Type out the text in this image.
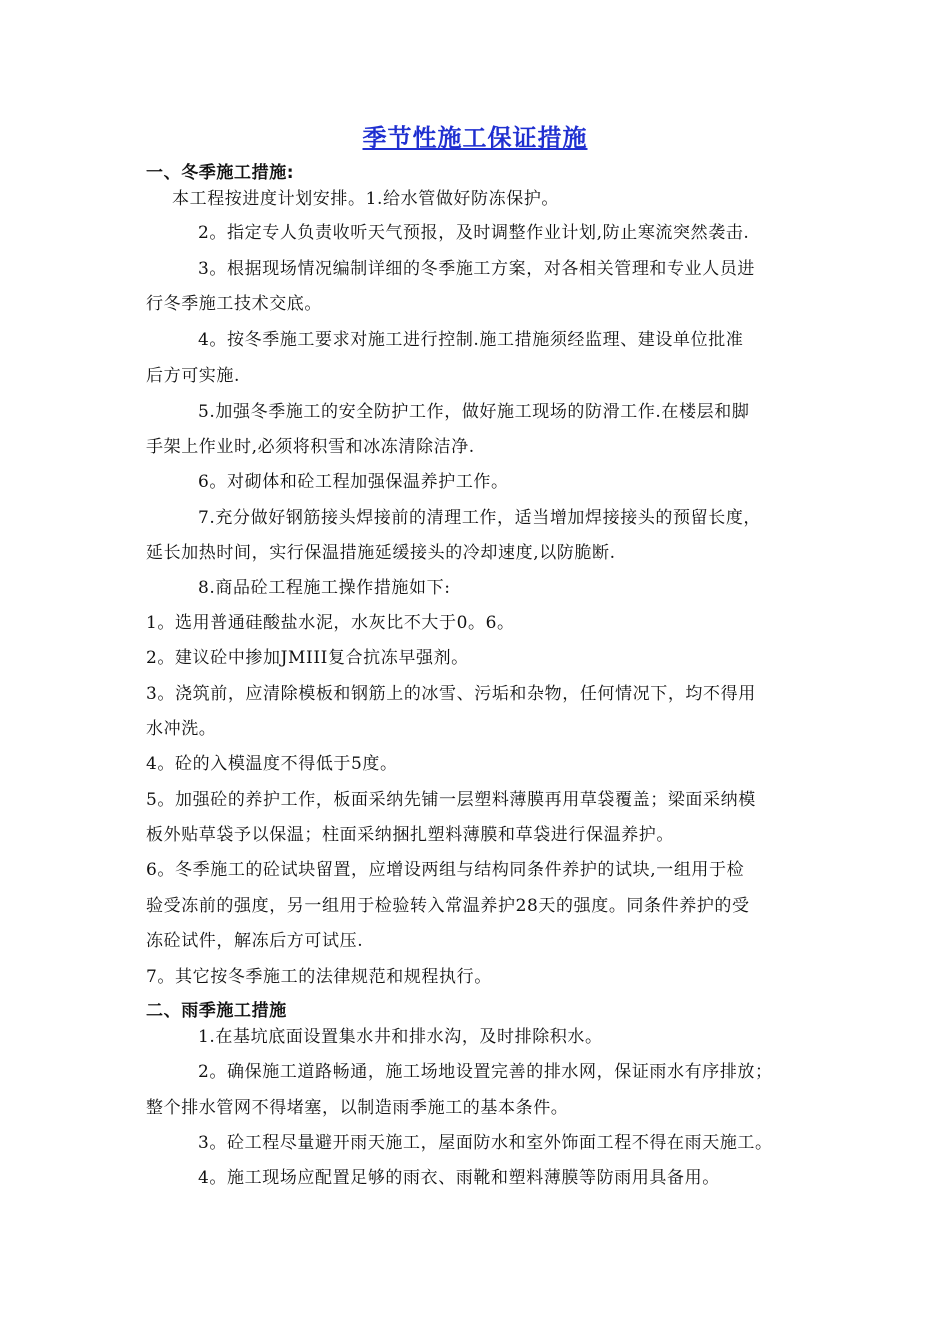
季节性施工保证措施
一、冬季施工措施:
本工程按进度计划安排。1.给水管做好防冻保护。
2。指定专人负责收听天气预报，及时调整作业计划,防止寒流突然袭击.
3。根据现场情况编制详细的冬季施工方案，对各相关管理和专业人员进
行冬季施工技术交底。
4。按冬季施工要求对施工进行控制.施工措施须经监理、建设单位批准
后方可实施.
5.加强冬季施工的安全防护工作，做好施工现场的防滑工作.在楼层和脚
手架上作业时,必须将积雪和冰冻清除洁净.
6。对砌体和砼工程加强保温养护工作。
7.充分做好钢筋接头焊接前的清理工作，适当增加焊接接头的预留长度，
延长加热时间，实行保温措施延缓接头的冷却速度,以防脆断.
8.商品砼工程施工操作措施如下:
1。选用普通硅酸盐水泥，水灰比不大于0。6。
2。建议砼中掺加JMIII复合抗冻早强剂。
3。浇筑前，应清除模板和钢筋上的冰雪、污垢和杂物，任何情况下，均不得用
水冲洗。
4。砼的入模温度不得低于5度。
5。加强砼的养护工作，板面采纳先铺一层塑料薄膜再用草袋覆盖；梁面采纳模
板外贴草袋予以保温；柱面采纳捆扎塑料薄膜和草袋进行保温养护。
6。冬季施工的砼试块留置，应增设两组与结构同条件养护的试块,一组用于检
验受冻前的强度，另一组用于检验转入常温养护28天的强度。同条件养护的受
冻砼试件，解冻后方可试压.
7。其它按冬季施工的法律规范和规程执行。
二、雨季施工措施
1.在基坑底面设置集水井和排水沟，及时排除积水。
2。确保施工道路畅通，施工场地设置完善的排水网，保证雨水有序排放；
整个排水管网不得堵塞，以制造雨季施工的基本条件。
3。砼工程尽量避开雨天施工，屋面防水和室外饰面工程不得在雨天施工。
4。施工现场应配置足够的雨衣、雨靴和塑料薄膜等防雨用具备用。
